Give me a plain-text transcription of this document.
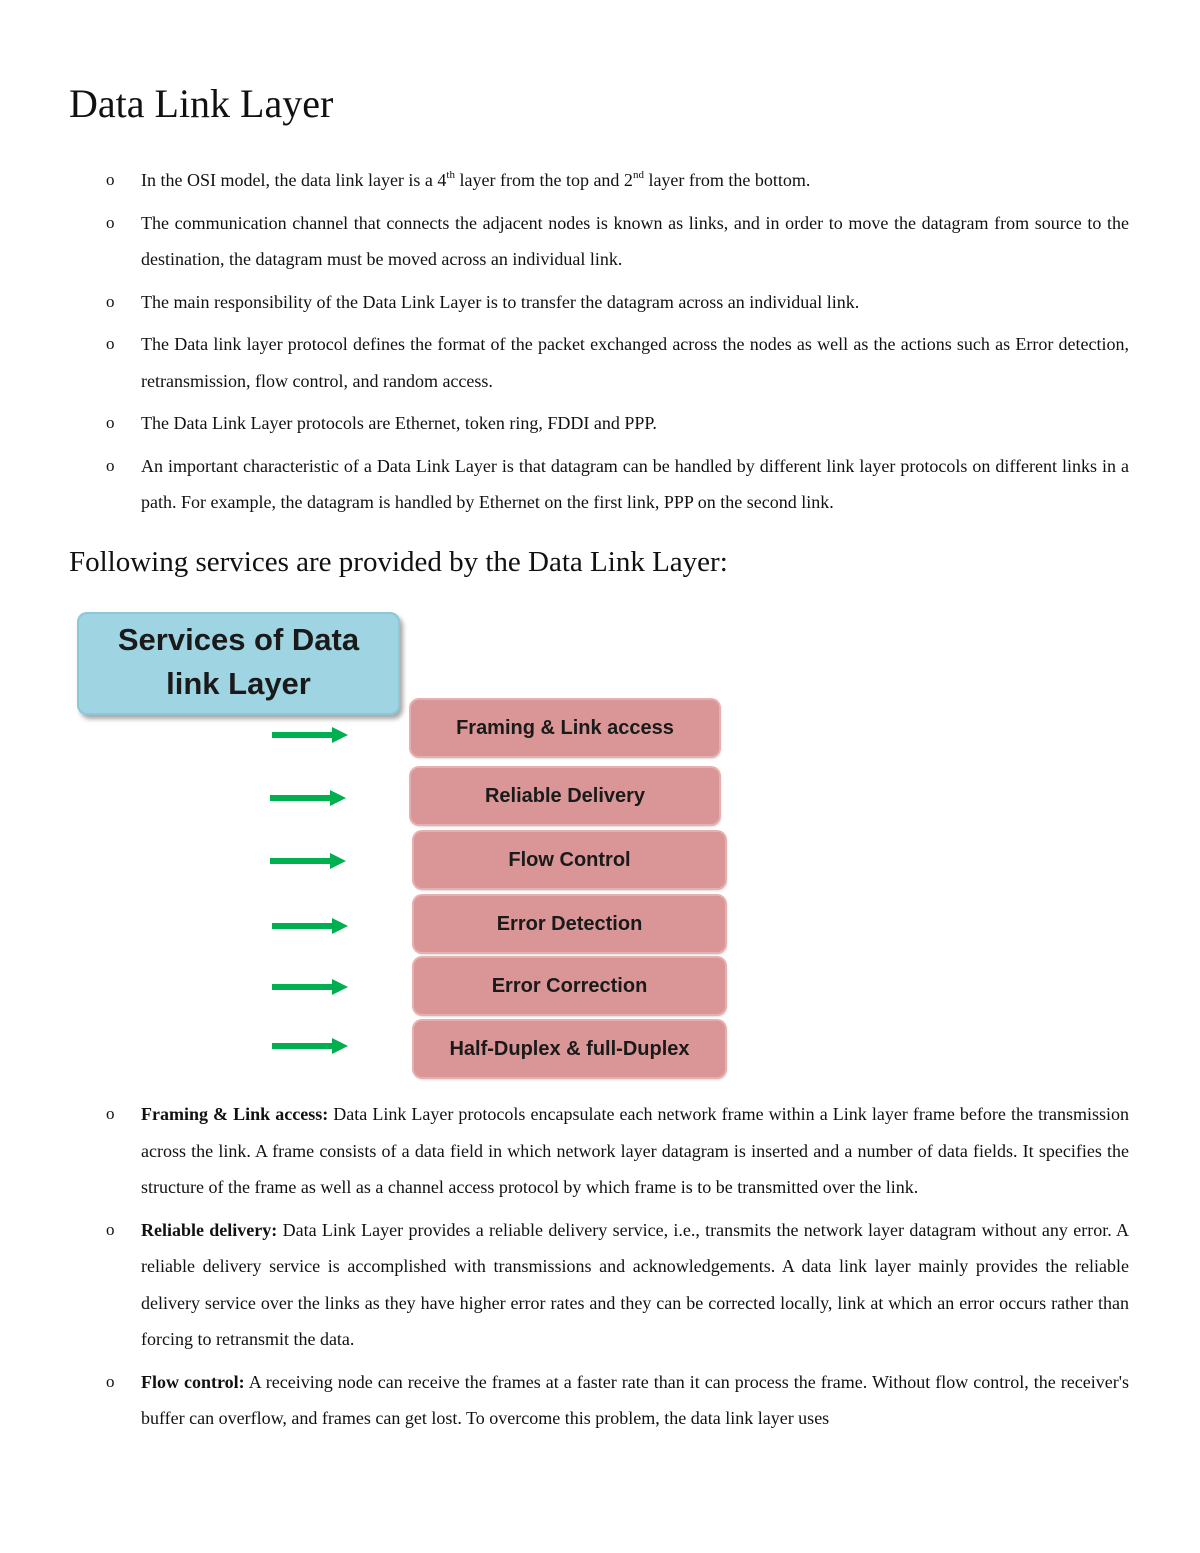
Data Link Layer
o In the OSI model, the data link layer is a 4th layer from the top and 2nd layer from the bottom.
o The communication channel that connects the adjacent nodes is known as links, and in order to move the datagram from source to the destination, the datagram must be moved across an individual link.
o The main responsibility of the Data Link Layer is to transfer the datagram across an individual link.
o The Data link layer protocol defines the format of the packet exchanged across the nodes as well as the actions such as Error detection, retransmission, flow control, and random access.
o The Data Link Layer protocols are Ethernet, token ring, FDDI and PPP.
o An important characteristic of a Data Link Layer is that datagram can be handled by different link layer protocols on different links in a path. For example, the datagram is handled by Ethernet on the first link, PPP on the second link.
Following services are provided by the Data Link Layer:
Services of Data
link Layer
Framing & Link access
Reliable Delivery
Flow Control
Error Detection
Error Correction
Half-Duplex & full-Duplex
o Framing & Link access: Data Link Layer protocols encapsulate each network frame within a Link layer frame before the transmission across the link. A frame consists of a data field in which network layer datagram is inserted and a number of data fields. It specifies the structure of the frame as well as a channel access protocol by which frame is to be transmitted over the link.
o Reliable delivery: Data Link Layer provides a reliable delivery service, i.e., transmits the network layer datagram without any error. A reliable delivery service is accomplished with transmissions and acknowledgements. A data link layer mainly provides the reliable delivery service over the links as they have higher error rates and they can be corrected locally, link at which an error occurs rather than forcing to retransmit the data.
o Flow control: A receiving node can receive the frames at a faster rate than it can process the frame. Without flow control, the receiver's buffer can overflow, and frames can get lost. To overcome this problem, the data link layer uses
